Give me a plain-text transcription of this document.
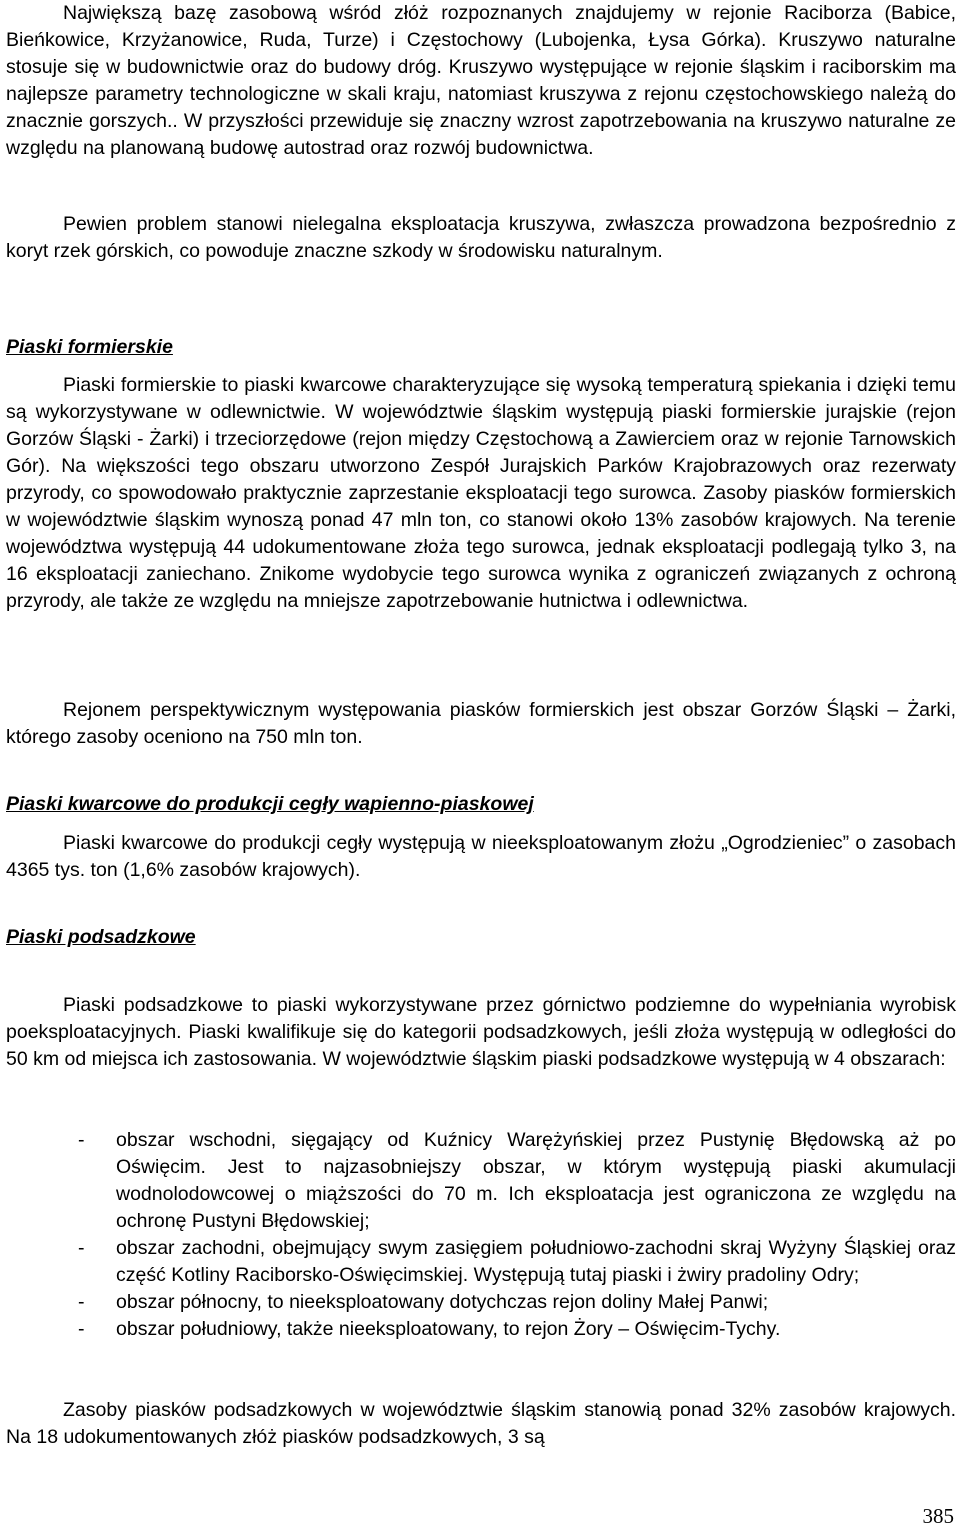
Największą bazę zasobową wśród złóż rozpoznanych znajdujemy w rejonie Raciborza (Babice, Bieńkowice, Krzyżanowice, Ruda, Turze) i Częstochowy (Lubojenka, Łysa Górka). Kruszywo naturalne stosuje się w budownictwie oraz do budowy dróg. Kruszywo występujące w rejonie śląskim i raciborskim ma najlepsze parametry technologiczne w skali kraju, natomiast kruszywa z rejonu częstochowskiego należą do znacznie gorszych.. W przyszłości przewiduje się znaczny wzrost zapotrzebowania na kruszywo naturalne ze względu na planowaną budowę autostrad oraz rozwój budownictwa.

Pewien problem stanowi nielegalna eksploatacja kruszywa, zwłaszcza prowadzona bezpośrednio z koryt rzek górskich, co powoduje znaczne szkody w środowisku naturalnym.

Piaski formierskie

Piaski formierskie to piaski kwarcowe charakteryzujące się wysoką temperaturą spiekania i dzięki temu są wykorzystywane w odlewnictwie. W województwie śląskim występują piaski formierskie jurajskie (rejon Gorzów Śląski - Żarki) i trzeciorzędowe (rejon między Częstochową a Zawierciem oraz w rejonie Tarnowskich Gór). Na większości tego obszaru utworzono Zespół Jurajskich Parków Krajobrazowych oraz rezerwaty przyrody, co spowodowało praktycznie zaprzestanie eksploatacji tego surowca. Zasoby piasków formierskich w województwie śląskim wynoszą ponad 47 mln ton, co stanowi około 13% zasobów krajowych. Na terenie województwa występują 44 udokumentowane złoża tego surowca, jednak eksploatacji podlegają tylko 3, na 16 eksploatacji zaniechano. Znikome wydobycie tego surowca wynika z ograniczeń związanych z ochroną przyrody, ale także ze względu na mniejsze zapotrzebowanie hutnictwa i odlewnictwa.

Rejonem perspektywicznym występowania piasków formierskich jest obszar Gorzów Śląski – Żarki, którego zasoby oceniono na 750 mln ton.

Piaski kwarcowe do produkcji cegły wapienno-piaskowej

Piaski kwarcowe do produkcji cegły występują w nieeksploatowanym złożu „Ogrodzieniec” o zasobach 4365 tys. ton (1,6% zasobów krajowych).

Piaski podsadzkowe

Piaski podsadzkowe to piaski wykorzystywane przez górnictwo podziemne do wypełniania wyrobisk poeksploatacyjnych. Piaski kwalifikuje się do kategorii podsadzkowych, jeśli złoża występują w odległości do 50 km od miejsca ich zastosowania. W województwie śląskim piaski podsadzkowe występują w 4 obszarach:

- obszar wschodni, sięgający od Kuźnicy Warężyńskiej przez Pustynię Błędowską aż po Oświęcim. Jest to najzasobniejszy obszar, w którym występują piaski akumulacji wodnolodowcowej o miąższości do 70 m. Ich eksploatacja jest ograniczona ze względu na ochronę Pustyni Błędowskiej;
- obszar zachodni, obejmujący swym zasięgiem południowo-zachodni skraj Wyżyny Śląskiej oraz część Kotliny Raciborsko-Oświęcimskiej. Występują tutaj piaski i żwiry pradoliny Odry;
- obszar północny, to nieeksploatowany dotychczas rejon doliny Małej Panwi;
- obszar południowy, także nieeksploatowany, to rejon Żory – Oświęcim-Tychy.

Zasoby piasków podsadzkowych w województwie śląskim stanowią ponad 32% zasobów krajowych. Na 18 udokumentowanych złóż piasków podsadzkowych, 3 są

385
